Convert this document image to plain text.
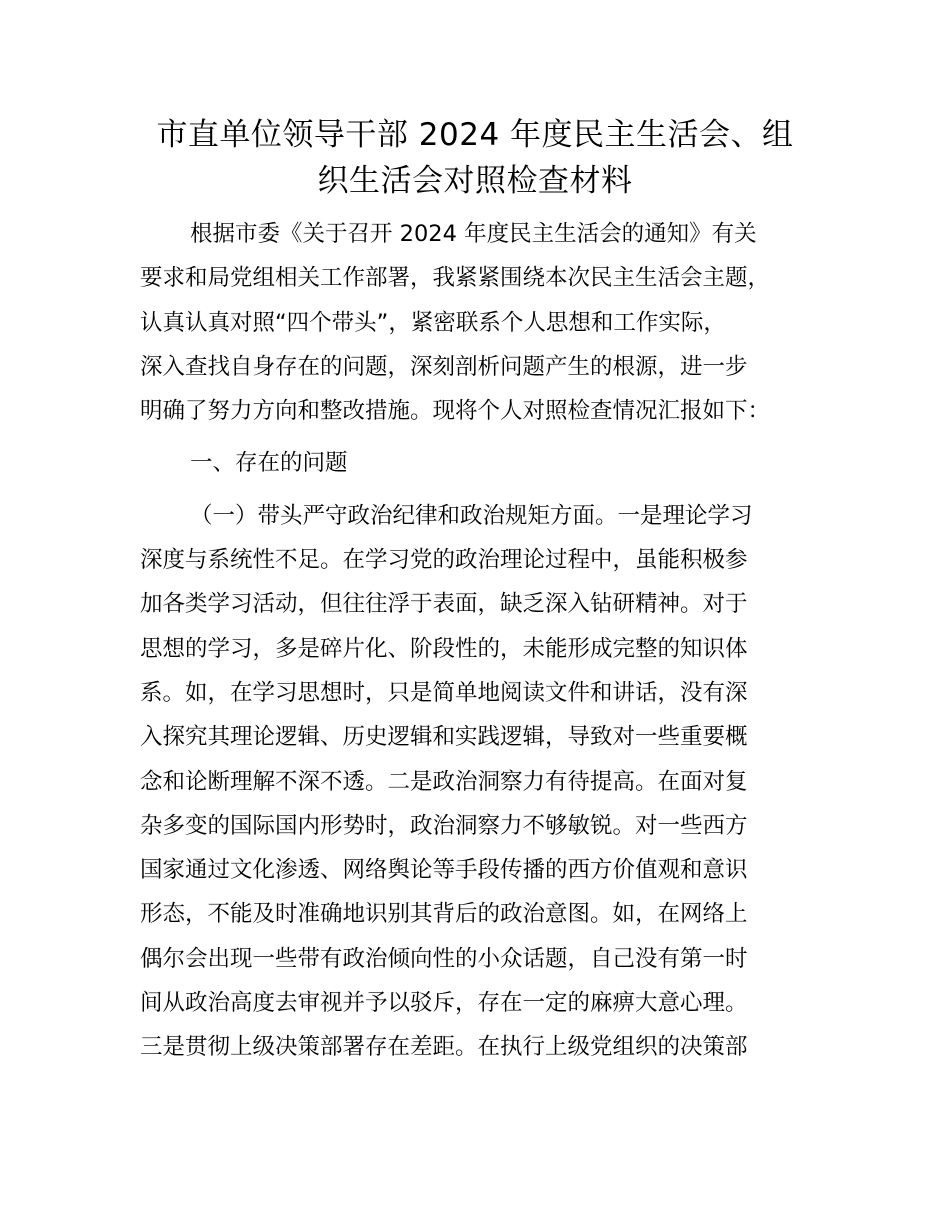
市直单位领导干部 2024 年度民主生活会、组
织生活会对照检查材料
根据市委《关于召开 2024 年度民主生活会的通知》有关
要求和局党组相关工作部署，我紧紧围绕本次民主生活会主题，
认真认真对照“四个带头”，紧密联系个人思想和工作实际，
深入查找自身存在的问题，深刻剖析问题产生的根源，进一步
明确了努力方向和整改措施。现将个人对照检查情况汇报如下：
一、存在的问题
（一）带头严守政治纪律和政治规矩方面。一是理论学习
深度与系统性不足。在学习党的政治理论过程中，虽能积极参
加各类学习活动，但往往浮于表面，缺乏深入钻研精神。对于
思想的学习，多是碎片化、阶段性的，未能形成完整的知识体
系。如，在学习思想时，只是简单地阅读文件和讲话，没有深
入探究其理论逻辑、历史逻辑和实践逻辑，导致对一些重要概
念和论断理解不深不透。二是政治洞察力有待提高。在面对复
杂多变的国际国内形势时，政治洞察力不够敏锐。对一些西方
国家通过文化渗透、网络舆论等手段传播的西方价值观和意识
形态，不能及时准确地识别其背后的政治意图。如，在网络上
偶尔会出现一些带有政治倾向性的小众话题，自己没有第一时
间从政治高度去审视并予以驳斥，存在一定的麻痹大意心理。
三是贯彻上级决策部署存在差距。在执行上级党组织的决策部
